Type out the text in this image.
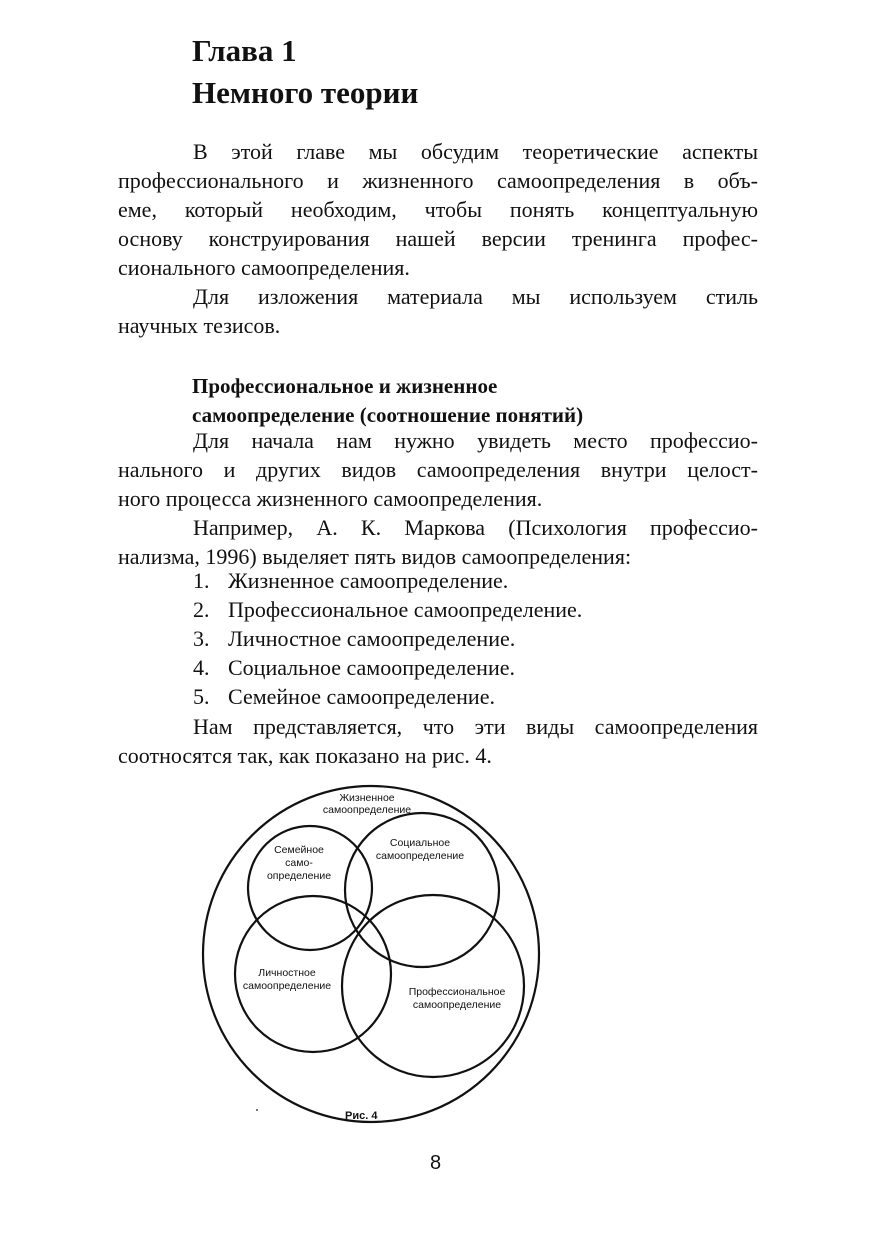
Глава 1
Немного теории
В этой главе мы обсудим теоретические аспекты
профессионального и жизненного самоопределения в объ-
еме, который необходим, чтобы понять концептуальную
основу конструирования нашей версии тренинга профес-
сионального самоопределения.
Для изложения материала мы используем стиль
научных тезисов.
Профессиональное и жизненное
самоопределение (соотношение понятий)
Для начала нам нужно увидеть место профессио-
нального и других видов самоопределения внутри целост-
ного процесса жизненного самоопределения.
Например, А. К. Маркова (Психология профессио-
нализма, 1996) выделяет пять видов самоопределения:
1. Жизненное самоопределение.
2. Профессиональное самоопределение.
3. Личностное самоопределение.
4. Социальное самоопределение.
5. Семейное самоопределение.
Нам представляется, что эти виды самоопределения
соотносятся так, как показано на рис. 4.
Жизненное
самоопределение
Семейное
само-
определение
Социальное
самоопределение
Личностное
самоопределение	Профессиональное
самоопределение
Рис. 4
8
